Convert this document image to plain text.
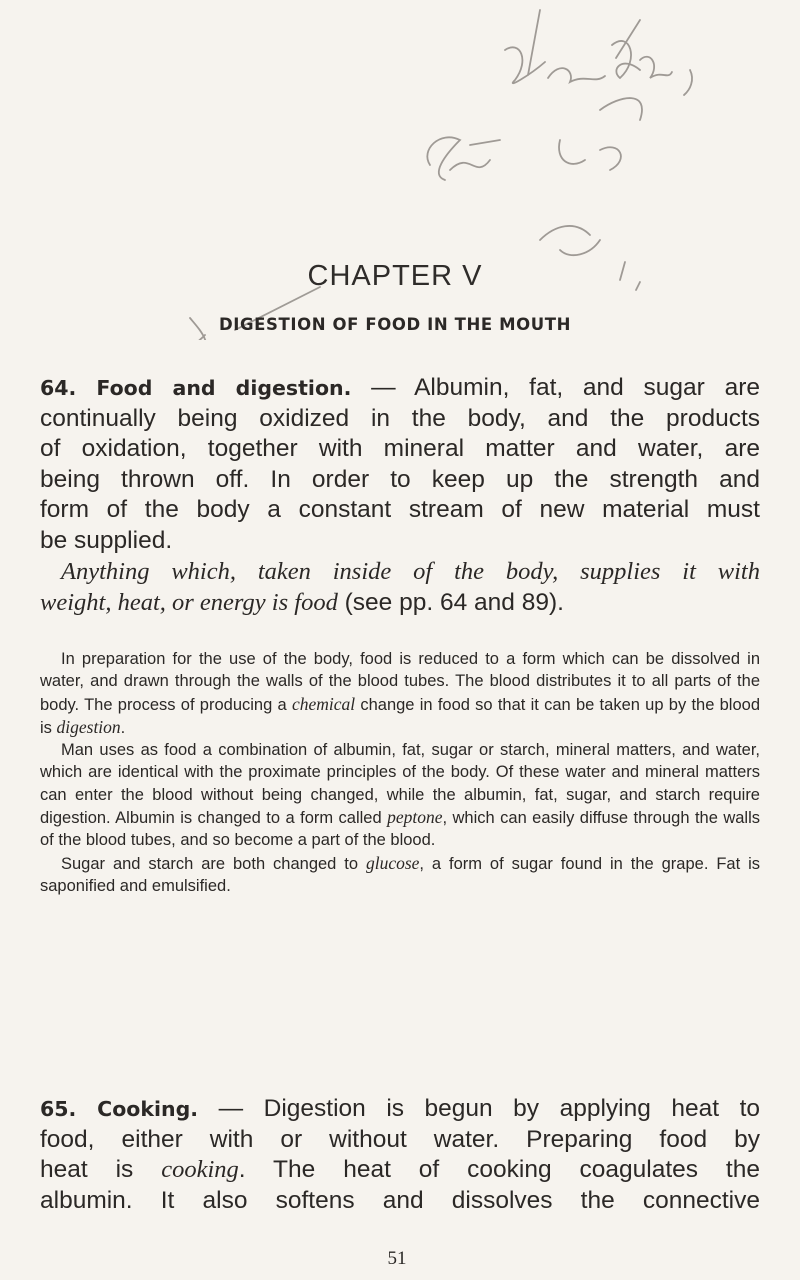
CHAPTER V
DIGESTION OF FOOD IN THE MOUTH
64. Food and digestion. — Albumin, fat, and sugar are
continually being oxidized in the body, and the products
of oxidation, together with mineral matter and water, are
being thrown off. In order to keep up the strength and
form of the body a constant stream of new material must
be supplied.
Anything which, taken inside of the body, supplies it with
weight, heat, or energy is food (see pp. 64 and 89).

In preparation for the use of the body, food is reduced to a form which can be dissolved in water, and drawn through the walls of the blood tubes. The blood distributes it to all parts of the body. The process of producing a chemical change in food so that it can be taken up by the blood is digestion.

Man uses as food a combination of albumin, fat, sugar or starch, mineral matters, and water, which are identical with the proximate principles of the body. Of these water and mineral matters can enter the blood without being changed, while the albumin, fat, sugar, and starch require digestion. Albumin is changed to a form called peptone, which can easily diffuse through the walls of the blood tubes, and so become a part of the blood.

Sugar and starch are both changed to glucose, a form of sugar found in the grape. Fat is saponified and emulsified.

65. Cooking. — Digestion is begun by applying heat to
food, either with or without water. Preparing food by
heat is cooking. The heat of cooking coagulates the
albumin. It also softens and dissolves the connective
51
